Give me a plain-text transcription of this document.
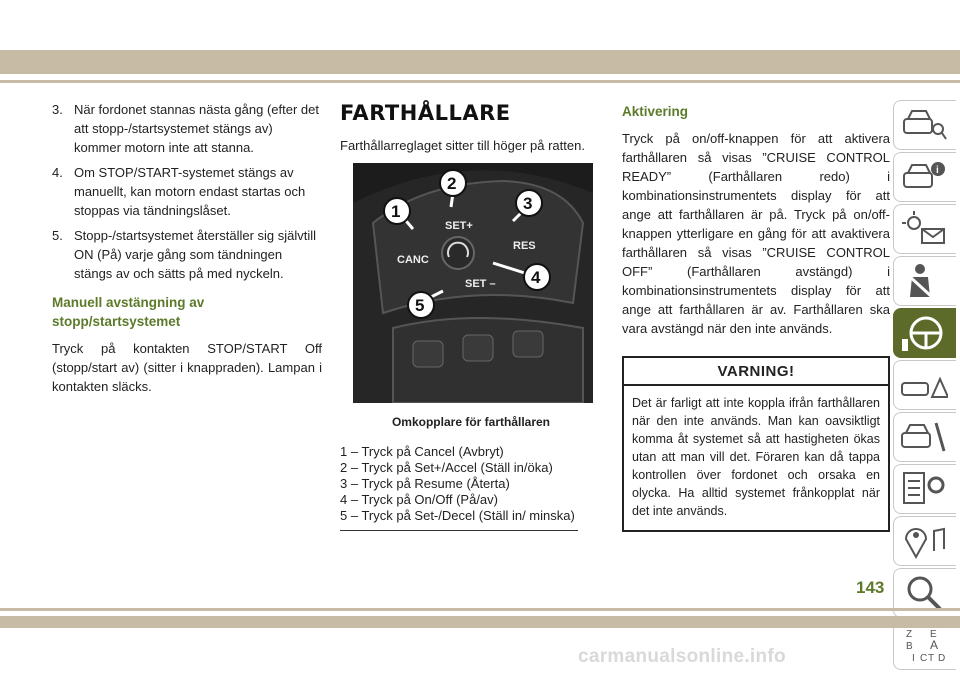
3. När fordonet stannas nästa gång (efter det att stopp-/startsystemet stängs av) kommer motorn inte att stanna.
4. Om STOP/START-systemet stängs av manuellt, kan motorn endast startas och stoppas via tändningslåset.
5. Stopp-/startsystemet återställer sig självtill ON (På) varje gång som tändningen stängs av och sätts på med nyckeln.
Manuell avstängning av stopp/startsystemet

Tryck på kontakten STOP/START Off (stopp/start av) (sitter i knappraden). Lampan i kontakten släcks.

FARTHÅLLARE

Farthållarreglaget sitter till höger på ratten.

CANC
SET+
RES
SET –
1
2
3
4
5
Omkopplare för farthållaren
1 – Tryck på Cancel (Avbryt)
2 – Tryck på Set+/Accel (Ställ in/öka)
3 – Tryck på Resume (Återta)
4 – Tryck på On/Off (På/av)
5 – Tryck på Set-/Decel (Ställ in/ minska)
Aktivering

Tryck på on/off-knappen för att aktivera farthållaren så visas ”CRUISE CONTROL READY” (Farthållaren redo) i kombinationsinstrumentets display för att ange att farthållaren är på. Tryck på on/off-knappen ytterligare en gång för att avaktivera farthållaren så visas ”CRUISE CONTROL OFF” (Farthållaren avstängd) i kombinationsinstrumentets display för att ange att farthållaren är av. Farthållaren ska vara avstängd när den inte används.

VARNING!
Det är farligt att inte koppla ifrån farthållaren när den inte används. Man kan oavsiktligt komma åt systemet så att hastigheten ökas utan att man vill det. Föraren kan då tappa kontrollen över fordonet och orsaka en olycka. Ha alltid systemet frånkopplat när det inte används.
i
Z E
B A
I C T D
143
carmanualsonline.info
